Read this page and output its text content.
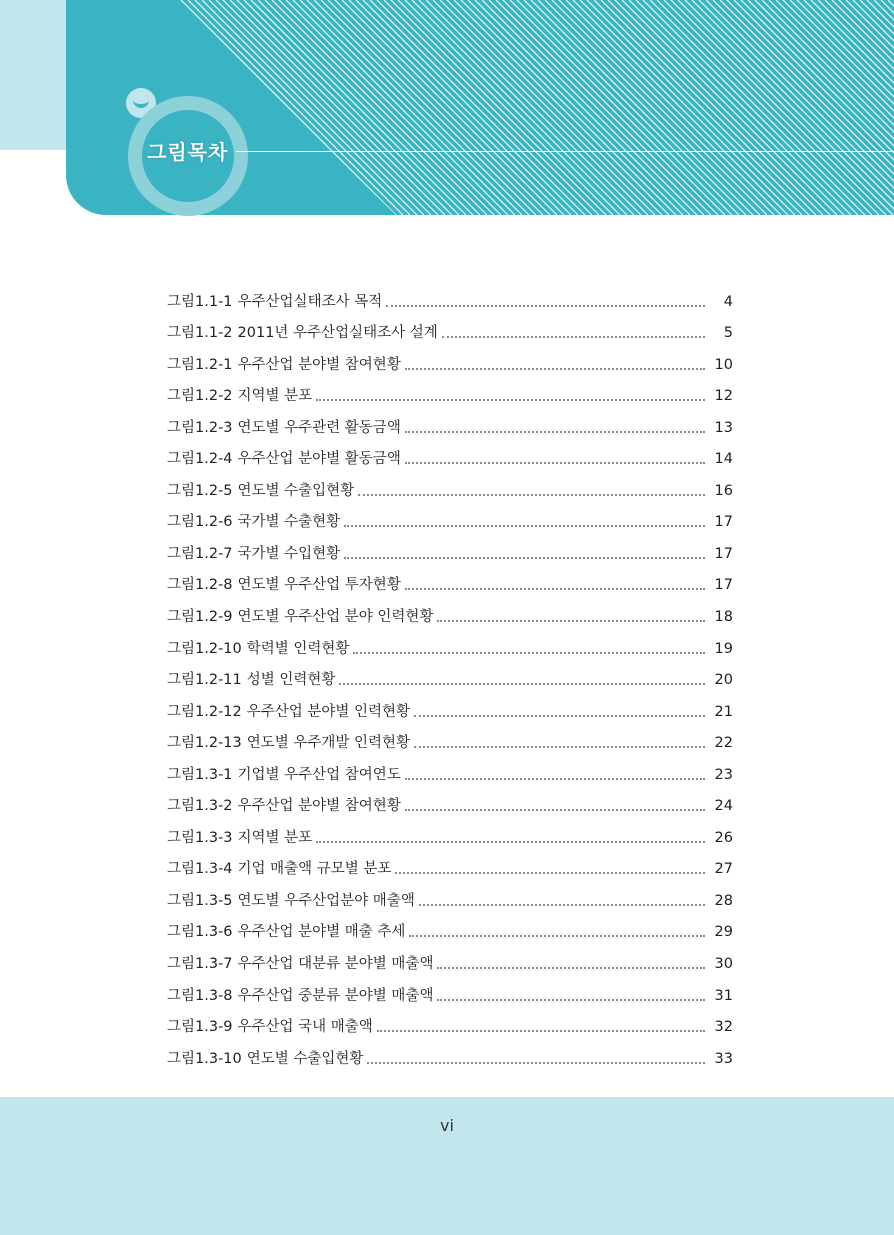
그림목차
그림1.1-1 우주산업실태조사 목적	4
그림1.1-2 2011년 우주산업실태조사 설계	5
그림1.2-1 우주산업 분야별 참여현황	10
그림1.2-2 지역별 분포	12
그림1.2-3 연도별 우주관련 활동금액	13
그림1.2-4 우주산업 분야별 활동금액	14
그림1.2-5 연도별 수출입현황	16
그림1.2-6 국가별 수출현황	17
그림1.2-7 국가별 수입현황	17
그림1.2-8 연도별 우주산업 투자현황	17
그림1.2-9 연도별 우주산업 분야 인력현황	18
그림1.2-10 학력별 인력현황	19
그림1.2-11 성별 인력현황	20
그림1.2-12 우주산업 분야별 인력현황	21
그림1.2-13 연도별 우주개발 인력현황	22
그림1.3-1 기업별 우주산업 참여연도	23
그림1.3-2 우주산업 분야별 참여현황	24
그림1.3-3 지역별 분포	26
그림1.3-4 기업 매출액 규모별 분포	27
그림1.3-5 연도별 우주산업분야 매출액	28
그림1.3-6 우주산업 분야별 매출 추세	29
그림1.3-7 우주산업 대분류 분야별 매출액	30
그림1.3-8 우주산업 중분류 분야별 매출액	31
그림1.3-9 우주산업 국내 매출액	32
그림1.3-10 연도별 수출입현황	33
vi
